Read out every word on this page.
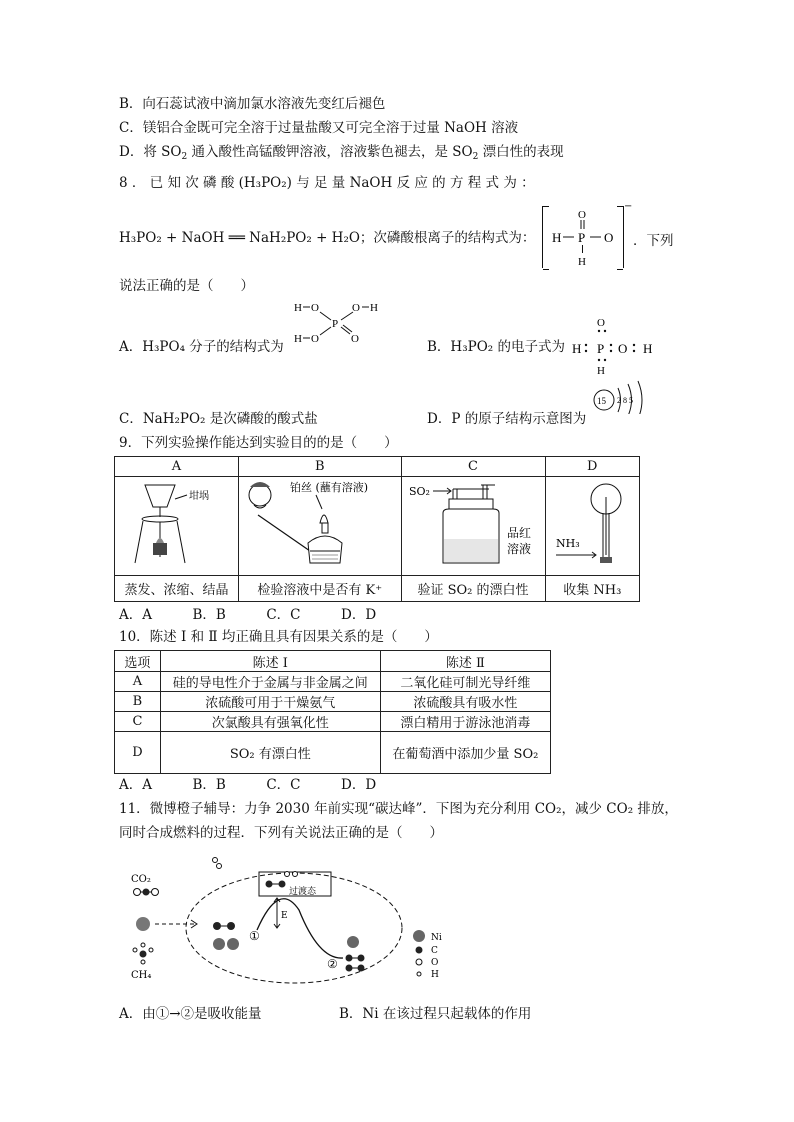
B．向石蕊试液中滴加氯水溶液先变红后褪色
C．镁铝合金既可完全溶于过量盐酸又可完全溶于过量 NaOH 溶液
D．将 $SO_2$ 通入酸性高锰酸钾溶液，溶液紫色褪去，是 $SO_2$ 漂白性的表现
8 ． 已 知 次 磷 酸 (H₃PO₂) 与 足 量 NaOH 反 应 的 方 程 式 为 ：
H₃PO₂ + NaOH ══ NaH₂PO₂ + H₂O；次磷酸根离子的结构式为： H P O
O
H
−
．下列
说法正确的是（　　）
H O	O H
P
H O	O
A．H₃PO₄ 分子的结构式为	B．H₃PO₂ 的电子式为
O
H P O H
H
C．NaH₂PO₂ 是次磷酸的酸式盐	D．P 的原子结构示意图为
15 2 8 5
9．下列实验操作能达到实验目的的是（　　）
A	B	C	D

坩埚	铂丝 (蘸有溶液)	SO₂
品红
溶液	NH₃

蒸发、浓缩、结晶	检验溶液中是否有 K⁺	验证 SO₂ 的漂白性	收集 NH₃
A．A　　　B．B　　　C．C　　　D．D
10．陈述 Ⅰ 和 Ⅱ 均正确且具有因果关系的是（　　）
选项	陈述 Ⅰ	陈述 Ⅱ
A	硅的导电性介于金属与非金属之间	二氧化硅可制光导纤维
B	浓硫酸可用于干燥氨气	浓硫酸具有吸水性
C	次氯酸具有强氧化性	漂白精用于游泳池消毒
D	SO₂ 有漂白性	在葡萄酒中添加少量 SO₂
A．A　　　B．B　　　C．C　　　D．D
11．微博橙子辅导：力争 2030 年前实现“碳达峰”．下图为充分利用 CO₂，减少 CO₂ 排放，
同时合成燃料的过程．下列有关说法正确的是（　　）
CO₂
CH₄
过渡态
E
①
②
Ni
C
O
H
A．由①→②是吸收能量	B．Ni 在该过程只起载体的作用
